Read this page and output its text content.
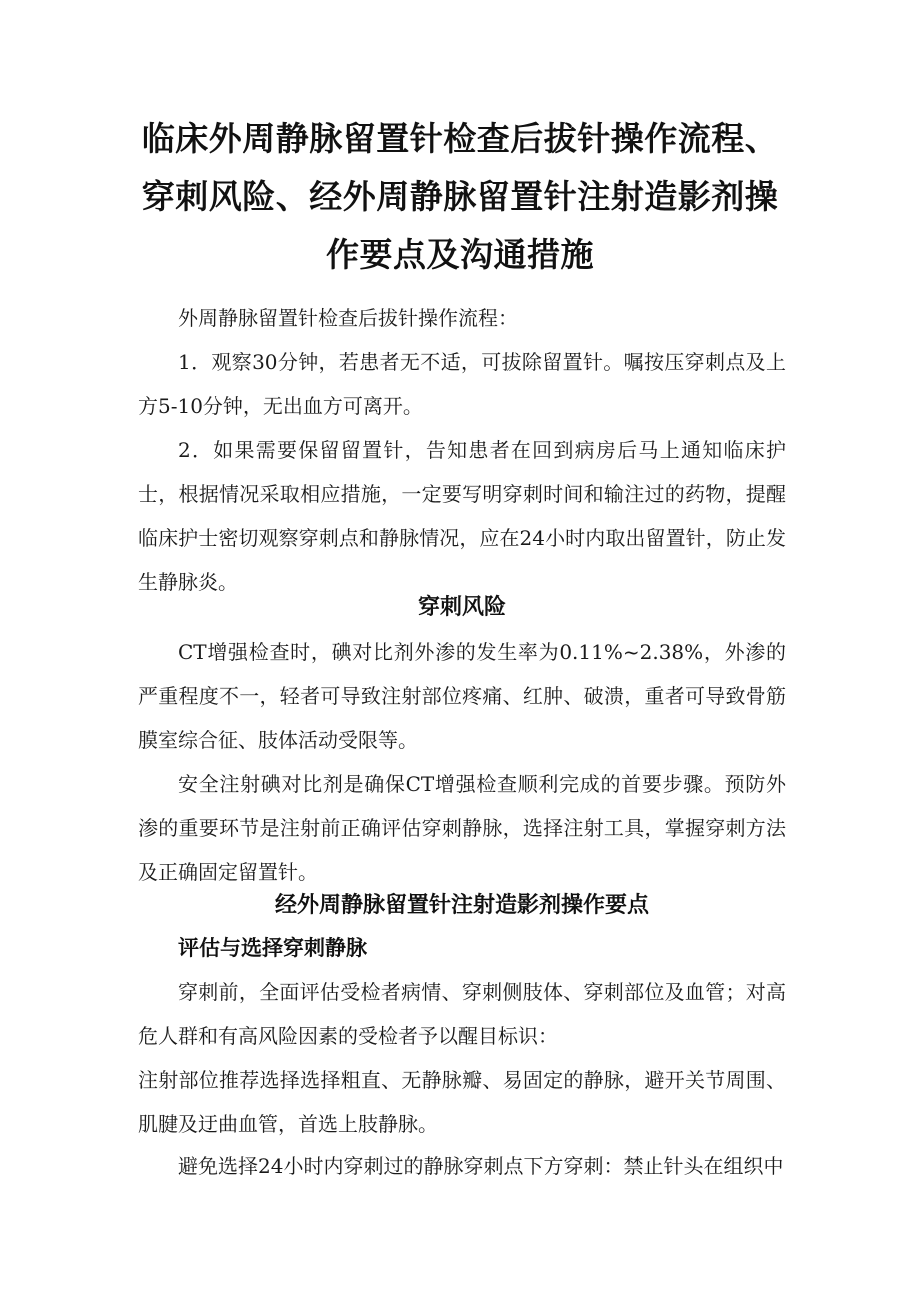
临床外周静脉留置针检查后拔针操作流程、
穿刺风险、经外周静脉留置针注射造影剂操
作要点及沟通措施

外周静脉留置针检查后拔针操作流程：

1．观察30分钟，若患者无不适，可拔除留置针。嘱按压穿刺点及上方5-10分钟，无出血方可离开。

2．如果需要保留留置针，告知患者在回到病房后马上通知临床护士，根据情况采取相应措施，一定要写明穿刺时间和输注过的药物，提醒临床护士密切观察穿刺点和静脉情况，应在24小时内取出留置针，防止发生静脉炎。

穿刺风险

CT增强检查时，碘对比剂外渗的发生率为0.11%~2.38%，外渗的严重程度不一，轻者可导致注射部位疼痛、红肿、破溃，重者可导致骨筋膜室综合征、肢体活动受限等。

安全注射碘对比剂是确保CT增强检查顺利完成的首要步骤。预防外渗的重要环节是注射前正确评估穿刺静脉，选择注射工具，掌握穿刺方法及正确固定留置针。

经外周静脉留置针注射造影剂操作要点
评估与选择穿刺静脉

穿刺前，全面评估受检者病情、穿刺侧肢体、穿刺部位及血管；对高危人群和有高风险因素的受检者予以醒目标识：

注射部位推荐选择选择粗直、无静脉瓣、易固定的静脉，避开关节周围、肌腱及迂曲血管，首选上肢静脉。

避免选择24小时内穿刺过的静脉穿刺点下方穿刺：禁止针头在组织中
